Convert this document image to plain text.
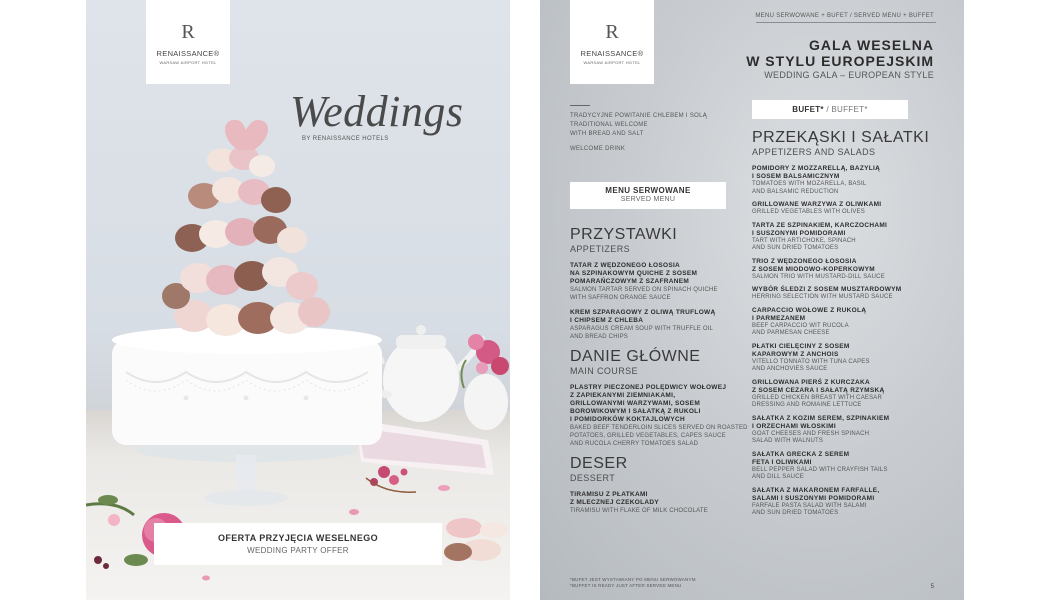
R
RENAISSANCE®
WARSAW AIRPORT HOTEL
Weddings
BY RENAISSANCE HOTELS
OFERTA PRZYJĘCIA WESELNEGO
WEDDING PARTY OFFER
R
RENAISSANCE®
WARSAW AIRPORT HOTEL
MENU SERWOWANE + BUFET / SERVED MENU + BUFFET
GALA WESELNA
W STYLU EUROPEJSKIM
WEDDING GALA – EUROPEAN STYLE
TRADYCYJNE POWITANIE CHLEBEM I SOLĄ
TRADITIONAL WELCOME
WITH BREAD AND SALT
WELCOME DRINK
MENU SERWOWANE
SERVED MENU
BUFET* / BUFFET*
PRZYSTAWKI
APPETIZERS
TATAR Z WĘDZONEGO ŁOSOSIA
NA SZPINAKOWYM QUICHE Z SOSEM
POMARAŃCZOWYM Z SZAFRANEM
SALMON TARTAR SERVED ON SPINACH QUICHE
WITH SAFFRON ORANGE SAUCE
KREM SZPARAGOWY Z OLIWĄ TRUFLOWĄ
I CHIPSEM Z CHLEBA
ASPARAGUS CREAM SOUP WITH TRUFFLE OIL
AND BREAD CHIPS
DANIE GŁÓWNE
MAIN COURSE
PLASTRY PIECZONEJ POLĘDWICY WOŁOWEJ
Z ZAPIEKANYMI ZIEMNIAKAMI,
GRILLOWANYMI WARZYWAMI, SOSEM
BOROWIKOWYM I SAŁATKĄ Z RUKOLI
I POMIDORKÓW KOKTAJLOWYCH
BAKED BEEF TENDERLOIN SLICES SERVED ON ROASTED
POTATOES, GRILLED VEGETABLES, CAPES SAUCE
AND RUCOLA CHERRY TOMATOES SALAD
DESER
DESSERT
TIRAMISU Z PŁATKAMI
Z MLECZNEJ CZEKOLADY
TIRAMISU WITH FLAKE OF MILK CHOCOLATE
PRZEKĄSKI I SAŁATKI
APPETIZERS AND SALADS
POMIDORY Z MOZZARELLĄ, BAZYLIĄ
I SOSEM BALSAMICZNYM
TOMATOES WITH MOZARELLA, BASIL
AND BALSAMIC REDUCTION
GRILLOWANE WARZYWA Z OLIWKAMI
GRILLED VEGETABLES WITH OLIVES
TARTA ZE SZPINAKIEM, KARCZOCHAMI
I SUSZONYMI POMIDORAMI
TART WITH ARTICHOKE, SPINACH
AND SUN DRIED TOMATOES
TRIO Z WĘDZONEGO ŁOSOSIA
Z SOSEM MIODOWO-KOPERKOWYM
SALMON TRIO WITH MUSTARD-DILL SAUCE
WYBÓR ŚLEDZI Z SOSEM MUSZTARDOWYM
HERRING SELECTION WITH MUSTARD SAUCE
CARPACCIO WOŁOWE Z RUKOLĄ
I PARMEZANEM
BEEF CARPACCIO WIT RUCOLA
AND PARMESAN CHEESE
PŁATKI CIELĘCINY Z SOSEM
KAPAROWYM Z ANCHOIS
VITELLO TONNATO WITH TUNA CAPES
AND ANCHOVIES SAUCE
GRILLOWANA PIERŚ Z KURCZAKA
Z SOSEM CEZARA I SAŁATĄ RZYMSKĄ
GRILLED CHICKEN BREAST WITH CAESAR
DRESSING AND ROMAINE LETTUCE
SAŁATKA Z KOZIM SEREM, SZPINAKIEM
I ORZECHAMI WŁOSKIMI
GOAT CHEESES AND FRESH SPINACH
SALAD WITH WALNUTS
SAŁATKA GRECKA Z SEREM
FETA I OLIWKAMI
BELL PEPPER SALAD WITH CRAYFISH TAILS
AND DILL SAUCE
SAŁATKA Z MAKARONEM FARFALLE,
SALAMI I SUSZONYMI POMIDORAMI
FARFALE PASTA SALAD WITH SALAMI
AND SUN DRIED TOMATOES
*BUFET JEST WYSTAWIANY PO MENU SERWOWANYM
*BUFFET IS READY JUST AFTER SERVED MENU	5
